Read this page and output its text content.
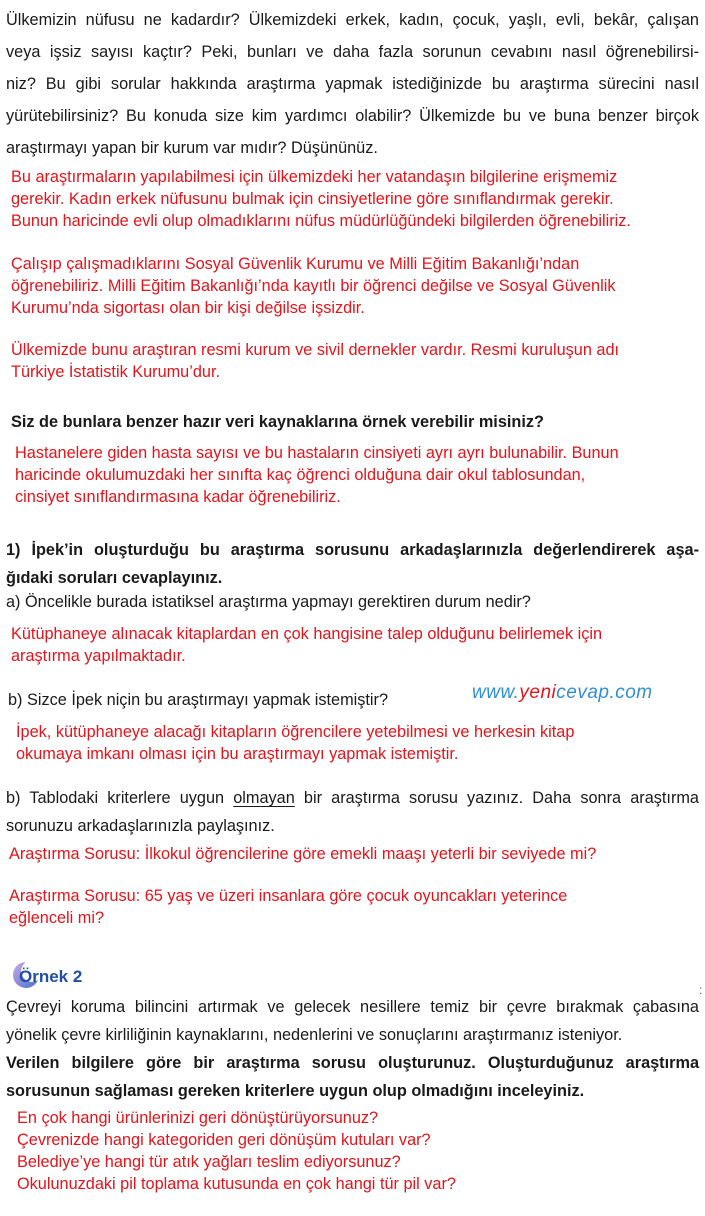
Ülkemizin nüfusu ne kadardır? Ülkemizdeki erkek, kadın, çocuk, yaşlı, evli, bekâr, çalışan
veya işsiz sayısı kaçtır? Peki, bunları ve daha fazla sorunun cevabını nasıl öğrenebilirsi-
niz? Bu gibi sorular hakkında araştırma yapmak istediğinizde bu araştırma sürecini nasıl
yürütebilirsiniz? Bu konuda size kim yardımcı olabilir? Ülkemizde bu ve buna benzer birçok
araştırmayı yapan bir kurum var mıdır? Düşününüz.

Bu araştırmaların yapılabilmesi için ülkemizdeki her vatandaşın bilgilerine erişmemiz
gerekir. Kadın erkek nüfusunu bulmak için cinsiyetlerine göre sınıflandırmak gerekir.
Bunun haricinde evli olup olmadıklarını nüfus müdürlüğündeki bilgilerden öğrenebiliriz.

Çalışıp çalışmadıklarını Sosyal Güvenlik Kurumu ve Milli Eğitim Bakanlığı’ndan
öğrenebiliriz. Milli Eğitim Bakanlığı’nda kayıtlı bir öğrenci değilse ve Sosyal Güvenlik
Kurumu’nda sigortası olan bir kişi değilse işsizdir.

Ülkemizde bunu araştıran resmi kurum ve sivil dernekler vardır. Resmi kuruluşun adı
Türkiye İstatistik Kurumu’dur.

Siz de bunlara benzer hazır veri kaynaklarına örnek verebilir misiniz?

Hastanelere giden hasta sayısı ve bu hastaların cinsiyeti ayrı ayrı bulunabilir. Bunun
haricinde okulumuzdaki her sınıfta kaç öğrenci olduğuna dair okul tablosundan,
cinsiyet sınıflandırmasına kadar öğrenebiliriz.

1) İpek’in oluşturduğu bu araştırma sorusunu arkadaşlarınızla değerlendirerek aşa-
ğıdaki soruları cevaplayınız.

a) Öncelikle burada istatiksel araştırma yapmayı gerektiren durum nedir?

Kütüphaneye alınacak kitaplardan en çok hangisine talep olduğunu belirlemek için
araştırma yapılmaktadır.

b) Sizce İpek niçin bu araştırmayı yapmak istemiştir?	www.yenicevap.com

İpek, kütüphaneye alacağı kitapların öğrencilere yetebilmesi ve herkesin kitap
okumaya imkanı olması için bu araştırmayı yapmak istemiştir.

b) Tablodaki kriterlere uygun olmayan bir araştırma sorusu yazınız. Daha sonra araştırma
sorunuzu arkadaşlarınızla paylaşınız.

Araştırma Sorusu: İlkokul öğrencilerine göre emekli maaşı yeterli bir seviyede mi?

Araştırma Sorusu: 65 yaş ve üzeri insanlara göre çocuk oyuncakları yeterince
eğlenceli mi?

Örnek 2
:

Çevreyi koruma bilincini artırmak ve gelecek nesillere temiz bir çevre bırakmak çabasına
yönelik çevre kirliliğinin kaynaklarını, nedenlerini ve sonuçlarını araştırmanız isteniyor.
Verilen bilgilere göre bir araştırma sorusu oluşturunuz. Oluşturduğunuz araştırma
sorusunun sağlaması gereken kriterlere uygun olup olmadığını inceleyiniz.

En çok hangi ürünlerinizi geri dönüştürüyorsunuz?
Çevrenizde hangi kategoriden geri dönüşüm kutuları var?
Belediye’ye hangi tür atık yağları teslim ediyorsunuz?
Okulunuzdaki pil toplama kutusunda en çok hangi tür pil var?
